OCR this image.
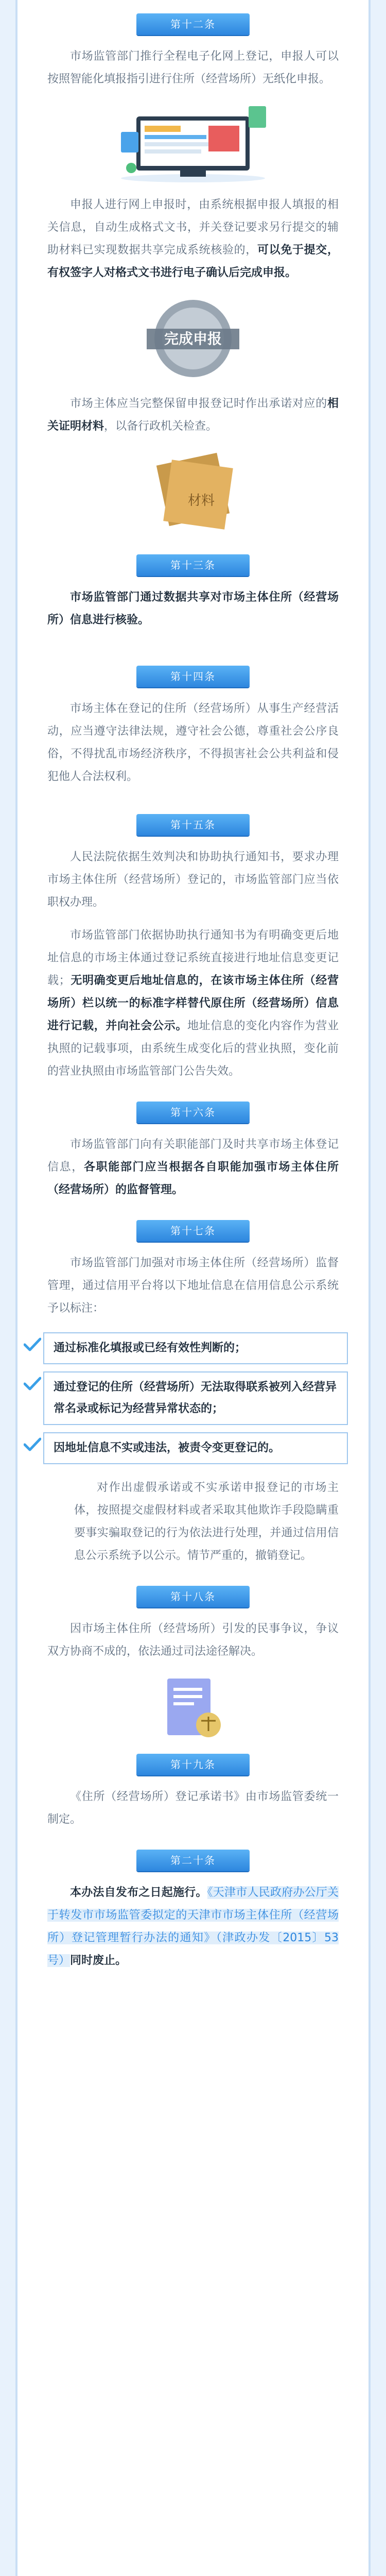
第十二条

市场监管部门推行全程电子化网上登记，申报人可以按照智能化填报指引进行住所（经营场所）无纸化申报。

申报人进行网上申报时，由系统根据申报人填报的相关信息，自动生成格式文书，并关登记要求另行提交的辅助材料已实现数据共享完成系统核验的，可以免于提交，有权签字人对格式文书进行电子确认后完成申报。

完成申报

市场主体应当完整保留申报登记时作出承诺对应的相关证明材料，以备行政机关检查。

材料
第十三条

市场监管部门通过数据共享对市场主体住所（经营场所）信息进行核验。

第十四条

市场主体在登记的住所（经营场所）从事生产经营活动，应当遵守法律法规，遵守社会公德，尊重社会公序良俗，不得扰乱市场经济秩序，不得损害社会公共利益和侵犯他人合法权利。

第十五条

人民法院依据生效判决和协助执行通知书，要求办理市场主体住所（经营场所）登记的，市场监管部门应当依职权办理。

市场监管部门依据协助执行通知书为有明确变更后地址信息的市场主体通过登记系统直接进行地址信息变更记载；无明确变更后地址信息的，在该市场主体住所（经营场所）栏以统一的标准字样替代原住所（经营场所）信息进行记载，并向社会公示。地址信息的变化内容作为营业执照的记载事项，由系统生成变化后的营业执照，变化前的营业执照由市场监管部门公告失效。

第十六条

市场监管部门向有关职能部门及时共享市场主体登记信息，各职能部门应当根据各自职能加强市场主体住所（经营场所）的监督管理。

第十七条

市场监管部门加强对市场主体住所（经营场所）监督管理，通过信用平台将以下地址信息在信用信息公示系统予以标注：

通过标准化填报或已经有效性判断的；
通过登记的住所（经营场所）无法取得联系被列入经营异常名录或标记为经营异常状态的；
因地址信息不实或违法，被责令变更登记的。

对作出虚假承诺或不实承诺申报登记的市场主体，按照提交虚假材料或者采取其他欺诈手段隐瞒重要事实骗取登记的行为依法进行处理，并通过信用信息公示系统予以公示。情节严重的，撤销登记。

第十八条

因市场主体住所（经营场所）引发的民事争议，争议双方协商不成的，依法通过司法途径解决。

第十九条

《住所（经营场所）登记承诺书》由市场监管委统一制定。

第二十条

本办法自发布之日起施行。《天津市人民政府办公厅关于转发市市场监管委拟定的天津市市场主体住所（经营场所）登记管理暂行办法的通知》（津政办发〔2015〕53号）同时废止。
